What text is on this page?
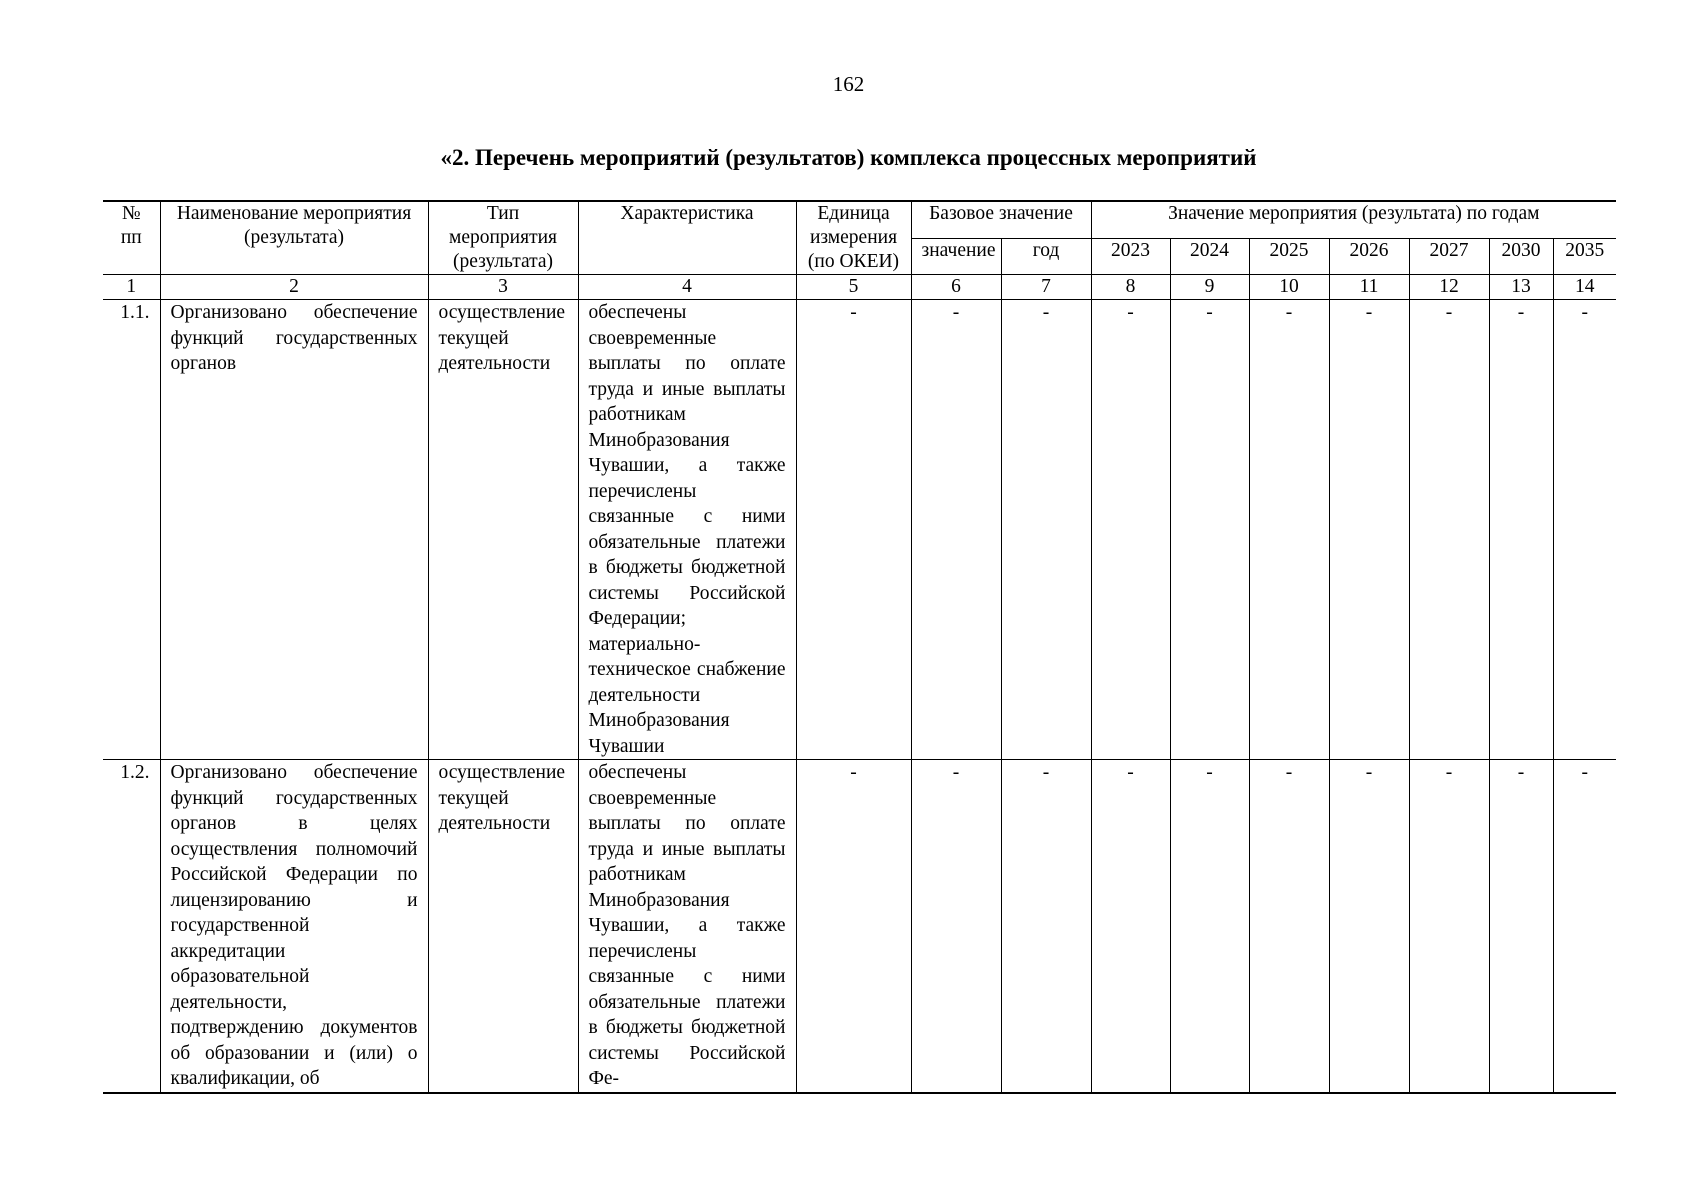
162
«2. Перечень мероприятий (результатов) комплекса процессных мероприятий
№ пп	Наименование мероприятия (результата)	Тип мероприятия (результата)	Характеристика	Единица измерения (по ОКЕИ)	Базовое значение		Значение мероприятия (результата) по годам						
					значение	год	2023	2024	2025	2026	2027	2030	2035
1	2	3	4	5	6	7	8	9	10	11	12	13	14
1.1.	Организовано обеспечение функций государственных органов	осуществление текущей деятельности	обеспечены своевременные выплаты по оплате труда и иные выплаты работникам Минобразования Чувашии, а также перечислены связанные с ними обязательные платежи в бюджеты бюджетной системы Российской Федерации; материально-техническое снабжение деятельности Минобразования Чувашии	-	-	-	-	-	-	-	-	-	-
1.2.	Организовано обеспечение функций государственных органов в целях осуществления полномочий Российской Федерации по лицензированию и государственной аккредитации образовательной деятельности, подтверждению документов об образовании и (или) о квалификации, об	осуществление текущей деятельности	обеспечены своевременные выплаты по оплате труда и иные выплаты работникам Минобразования Чувашии, а также перечислены связанные с ними обязательные платежи в бюджеты бюджетной системы Российской Фе-	-	-	-	-	-	-	-	-	-	-
